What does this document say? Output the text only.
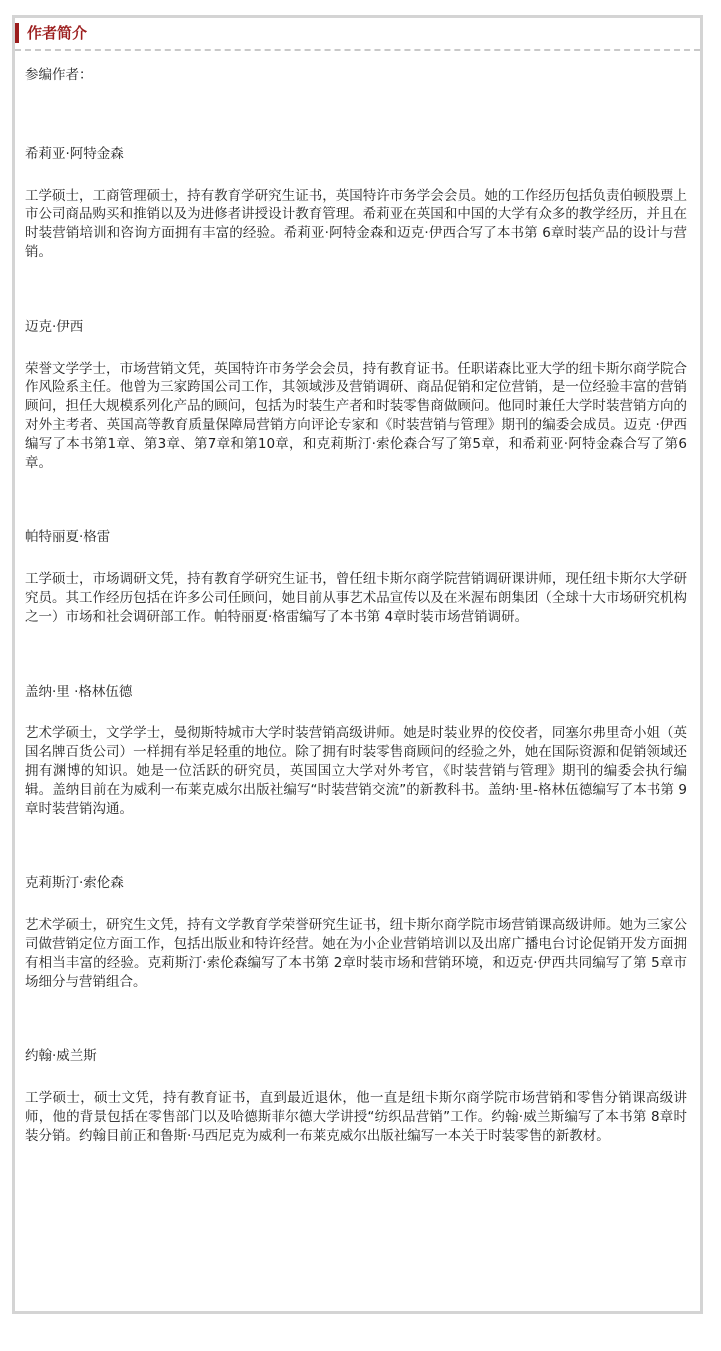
作者简介

参编作者：

希莉亚·阿特金森

工学硕士，工商管理硕士，持有教育学研究生证书，英国特许市务学会会员。她的工作经历包括负责伯顿股票上市公司商品购买和推销以及为进修者讲授设计教育管理。希莉亚在英国和中国的大学有众多的教学经历，并且在时装营销培训和咨询方面拥有丰富的经验。希莉亚·阿特金森和迈克·伊西合写了本书第 6章时装产品的设计与营销。

迈克·伊西

荣誉文学学士，市场营销文凭，英国特许市务学会会员，持有教育证书。任职诺森比亚大学的纽卡斯尔商学院合作风险系主任。他曾为三家跨国公司工作，其领域涉及营销调研、商品促销和定位营销，是一位经验丰富的营销顾问，担任大规模系列化产品的顾问，包括为时装生产者和时装零售商做顾问。他同时兼任大学时装营销方向的对外主考者、英国高等教育质量保障局营销方向评论专家和《时装营销与管理》期刊的编委会成员。迈克 ·伊西编写了本书第1章、第3章、第7章和第10章，和克莉斯汀·索伦森合写了第5章，和希莉亚·阿特金森合写了第6章。

帕特丽夏·格雷

工学硕士，市场调研文凭，持有教育学研究生证书，曾任纽卡斯尔商学院营销调研课讲师，现任纽卡斯尔大学研究员。其工作经历包括在许多公司任顾问，她目前从事艺术品宣传以及在米渥布朗集团（全球十大市场研究机构之一）市场和社会调研部工作。帕特丽夏·格雷编写了本书第 4章时装市场营销调研。

盖纳·里 ·格林伍德

艺术学硕士，文学学士，曼彻斯特城市大学时装营销高级讲师。她是时装业界的佼佼者，同塞尔弗里奇小姐（英国名牌百货公司）一样拥有举足轻重的地位。除了拥有时装零售商顾问的经验之外，她在国际资源和促销领域还拥有渊博的知识。她是一位活跃的研究员，英国国立大学对外考官，《时装营销与管理》期刊的编委会执行编辑。盖纳目前在为威利一布莱克威尔出版社编写“时装营销交流”的新教科书。盖纳·里-格林伍德编写了本书第 9章时装营销沟通。

克莉斯汀·索伦森

艺术学硕士，研究生文凭，持有文学教育学荣誉研究生证书，纽卡斯尔商学院市场营销课高级讲师。她为三家公司做营销定位方面工作，包括出版业和特许经营。她在为小企业营销培训以及出席广播电台讨论促销开发方面拥有相当丰富的经验。克莉斯汀·索伦森编写了本书第 2章时装市场和营销环境，和迈克·伊西共同编写了第 5章市场细分与营销组合。

约翰·威兰斯

工学硕士，硕士文凭，持有教育证书，直到最近退休，他一直是纽卡斯尔商学院市场营销和零售分销课高级讲师，他的背景包括在零售部门以及哈德斯菲尔德大学讲授“纺织品营销”工作。约翰·威兰斯编写了本书第 8章时装分销。约翰目前正和鲁斯·马西尼克为威利一布莱克威尔出版社编写一本关于时装零售的新教材。
